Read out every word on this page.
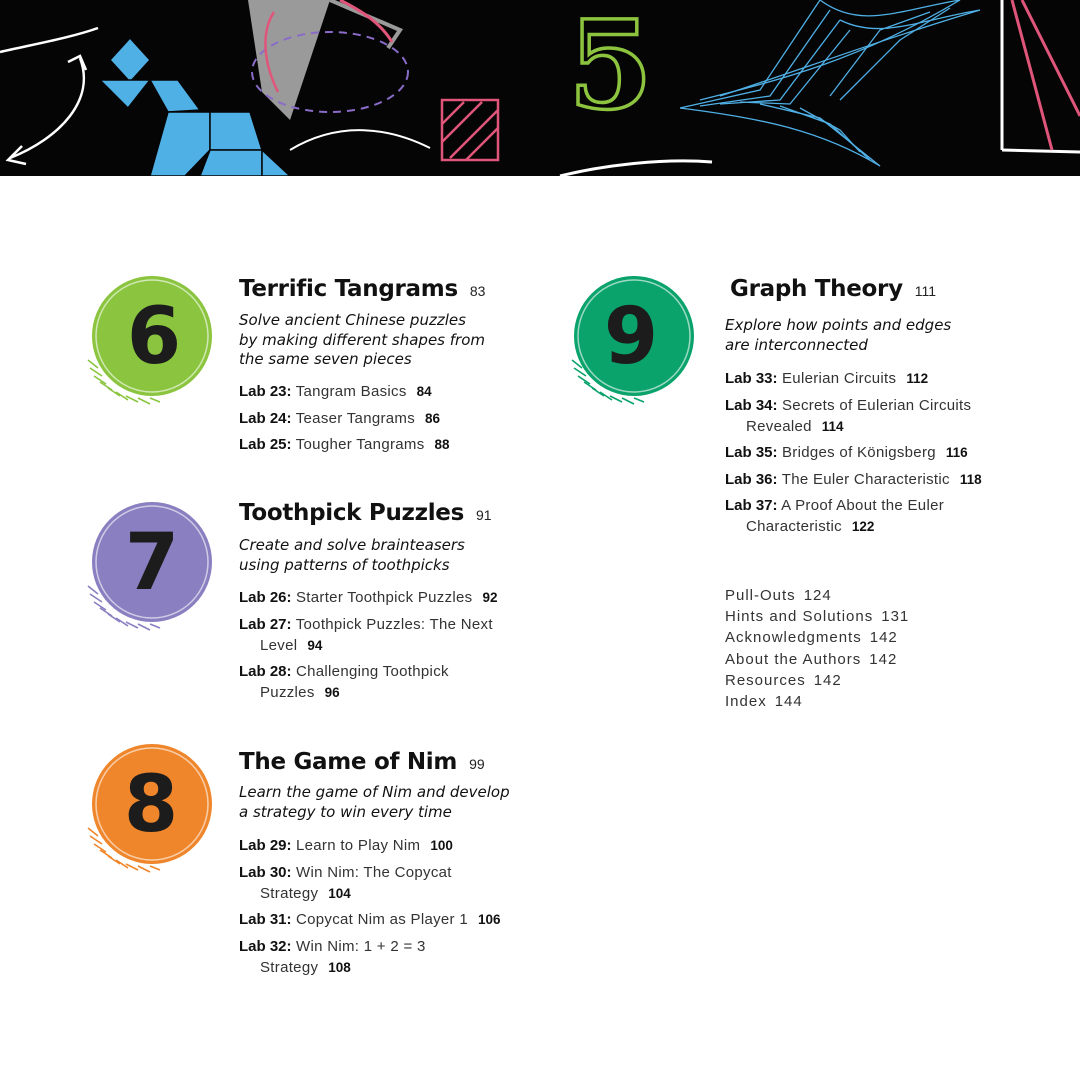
5
6
Terrific Tangrams 83
Solve ancient Chinese puzzles
by making different shapes from
the same seven pieces
Lab 23: Tangram Basics 84
Lab 24: Teaser Tangrams 86
Lab 25: Tougher Tangrams 88
7
Toothpick Puzzles 91
Create and solve brainteasers
using patterns of toothpicks
Lab 26: Starter Toothpick Puzzles 92
Lab 27: Toothpick Puzzles: The Next Level 94
Lab 28: Challenging Toothpick Puzzles 96
8	The Game of Nim 99
Learn the game of Nim and develop
a strategy to win every time
Lab 29: Learn to Play Nim 100
Lab 30: Win Nim: The Copycat Strategy 104
Lab 31: Copycat Nim as Player 1 106
Lab 32: Win Nim: 1 + 2 = 3 Strategy 108
9
Graph Theory 111
Explore how points and edges
are interconnected
Lab 33: Eulerian Circuits 112
Lab 34: Secrets of Eulerian Circuits Revealed 114
Lab 35: Bridges of Königsberg 116
Lab 36: The Euler Characteristic 118
Lab 37: A Proof About the Euler Characteristic 122
Pull-Outs 124
Hints and Solutions 131
Acknowledgments 142
About the Authors 142
Resources 142
Index 144
